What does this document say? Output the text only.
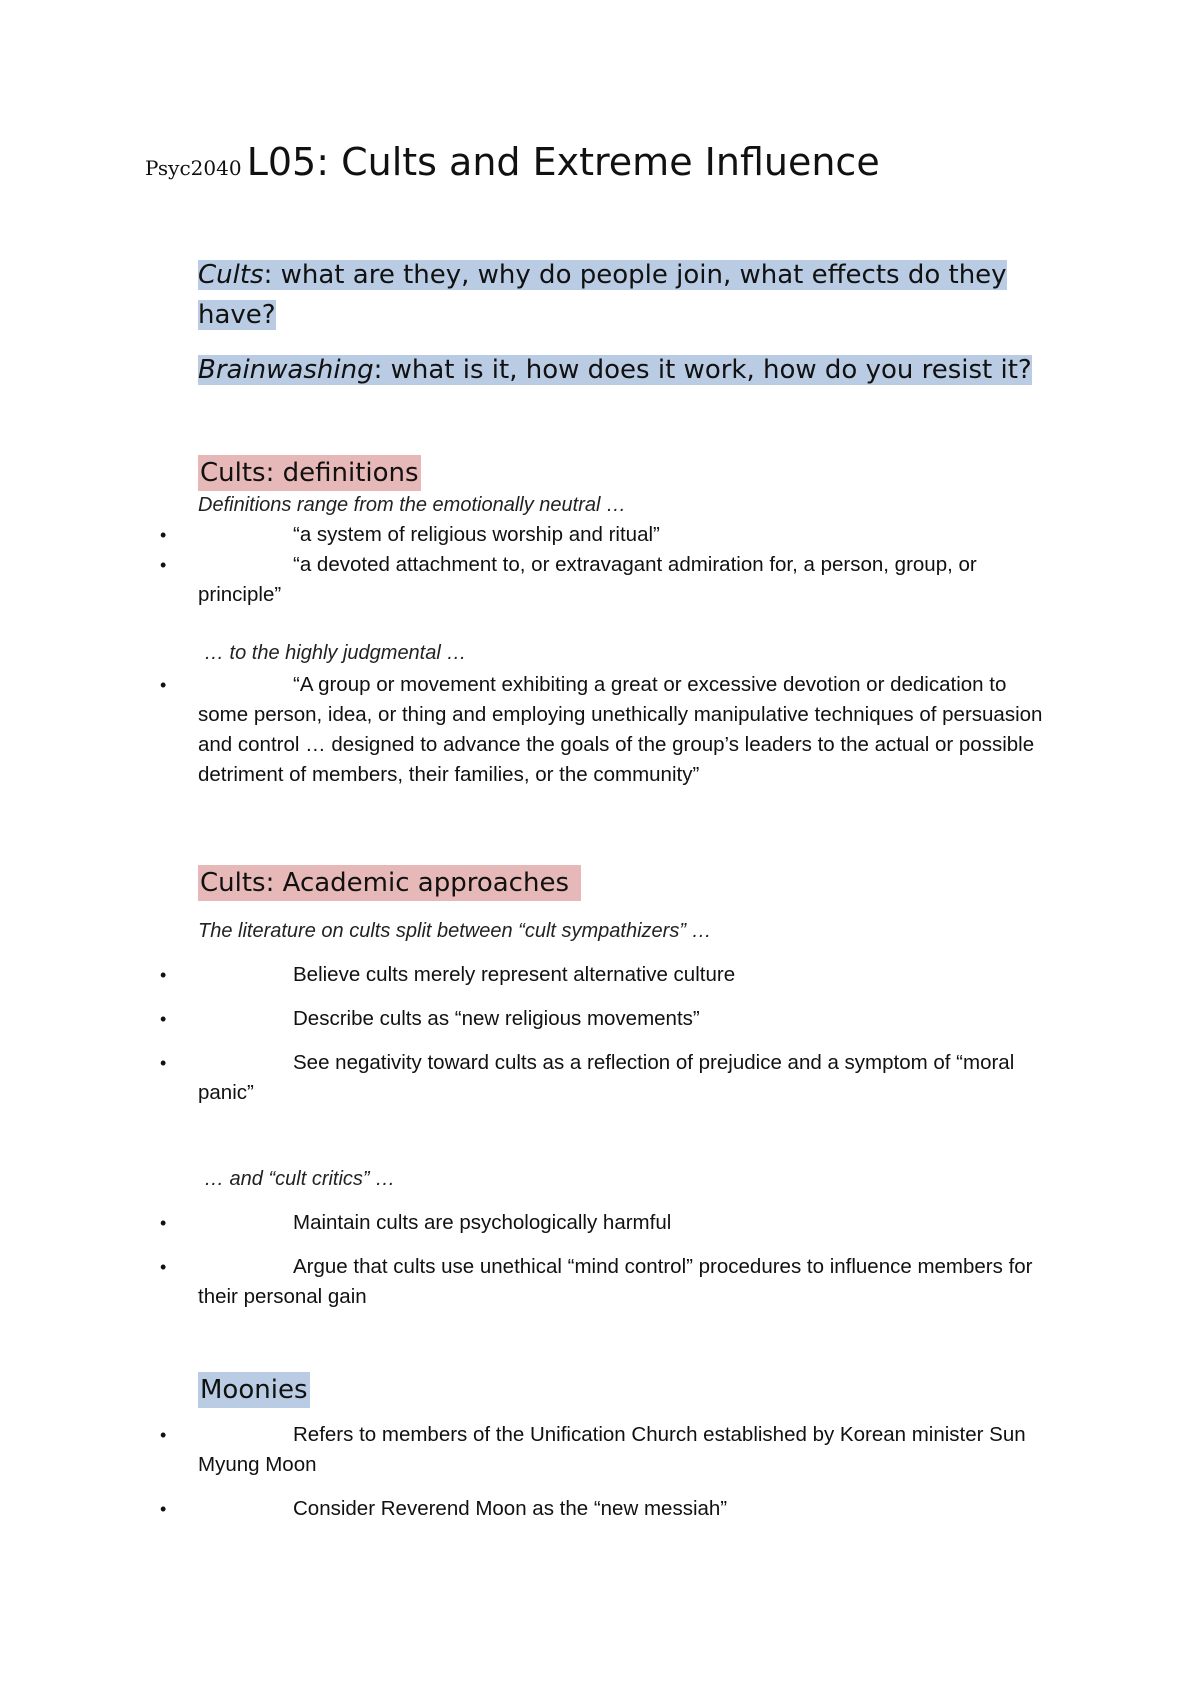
Psyc2040 L05: Cults and Extreme Influence
Cults: what are they, why do people join, what effects do they have?
Brainwashing: what is it, how does it work, how do you resist it?
Cults: definitions
Definitions range from the emotionally neutral …
•	“a system of religious worship and ritual”
•	“a devoted attachment to, or extravagant admiration for, a person, group, or principle”
… to the highly judgmental …
•	“A group or movement exhibiting a great or excessive devotion or dedication to some person, idea, or thing and employing unethically manipulative techniques of persuasion and control … designed to advance the goals of the group’s leaders to the actual or possible detriment of members, their families, or the community”
Cults: Academic approaches
The literature on cults split between “cult sympathizers” …
•	Believe cults merely represent alternative culture
•	Describe cults as “new religious movements”
•	See negativity toward cults as a reflection of prejudice and a symptom of “moral panic”
… and “cult critics” …
•	Maintain cults are psychologically harmful
•	Argue that cults use unethical “mind control” procedures to influence members for their personal gain
Moonies
•	Refers to members of the Unification Church established by Korean minister Sun Myung Moon
•	Consider Reverend Moon as the “new messiah”
